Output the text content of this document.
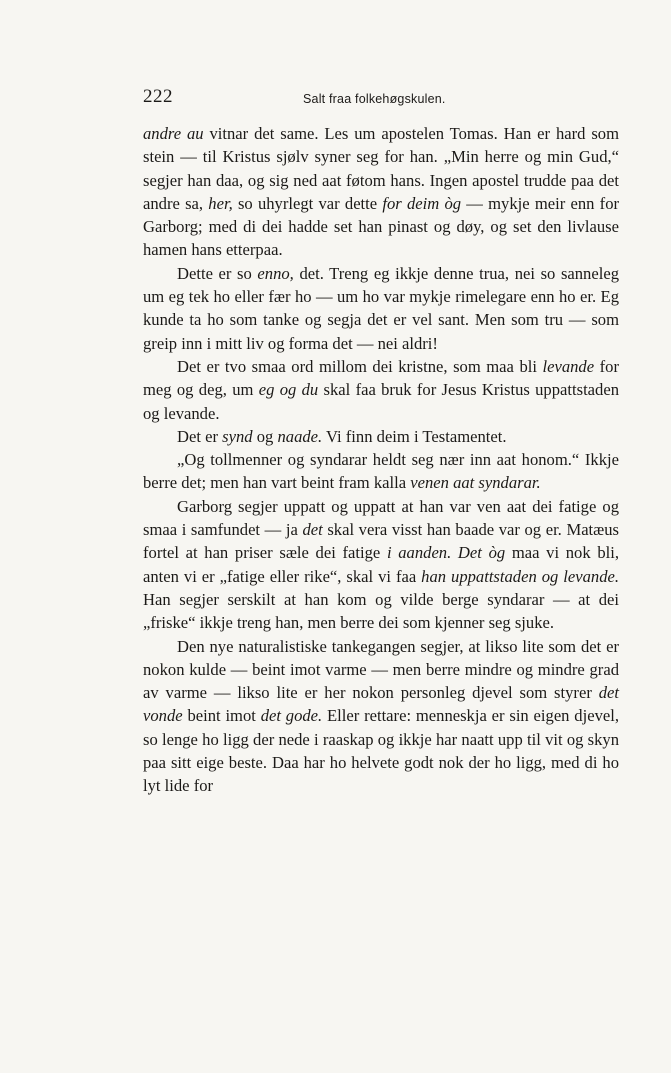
222	Salt fraa folkehøgskulen.

andre au vitnar det same. Les um apostelen Tomas. Han er hard som stein — til Kristus sjølv syner seg for han. „Min herre og min Gud,“ segjer han daa, og sig ned aat føtom hans. Ingen apostel trudde paa det andre sa, her, so uhyrlegt var dette for deim òg — mykje meir enn for Garborg; med di dei hadde set han pinast og døy, og set den livlause hamen hans etterpaa.

Dette er so enno, det. Treng eg ikkje denne trua, nei so sanneleg um eg tek ho eller fær ho — um ho var mykje rimelegare enn ho er. Eg kunde ta ho som tanke og segja det er vel sant. Men som tru — som greip inn i mitt liv og forma det — nei aldri!

Det er tvo smaa ord millom dei kristne, som maa bli levande for meg og deg, um eg og du skal faa bruk for Jesus Kristus uppattstaden og levande.

Det er synd og naade. Vi finn deim i Testamentet.

„Og tollmenner og syndarar heldt seg nær inn aat honom.“ Ikkje berre det; men han vart beint fram kalla venen aat syndarar.

Garborg segjer uppatt og uppatt at han var ven aat dei fatige og smaa i samfundet — ja det skal vera visst han baade var og er. Matæus fortel at han priser sæle dei fatige i aanden. Det òg maa vi nok bli, anten vi er „fatige eller rike“, skal vi faa han uppattstaden og levande. Han segjer serskilt at han kom og vilde berge syndarar — at dei „friske“ ikkje treng han, men berre dei som kjenner seg sjuke.

Den nye naturalistiske tankegangen segjer, at likso lite som det er nokon kulde — beint imot varme — men berre mindre og mindre grad av varme — likso lite er her nokon personleg djevel som styrer det vonde beint imot det gode. Eller rettare: menneskja er sin eigen djevel, so lenge ho ligg der nede i raaskap og ikkje har naatt upp til vit og skyn paa sitt eige beste. Daa har ho helvete godt nok der ho ligg, med di ho lyt lide for
